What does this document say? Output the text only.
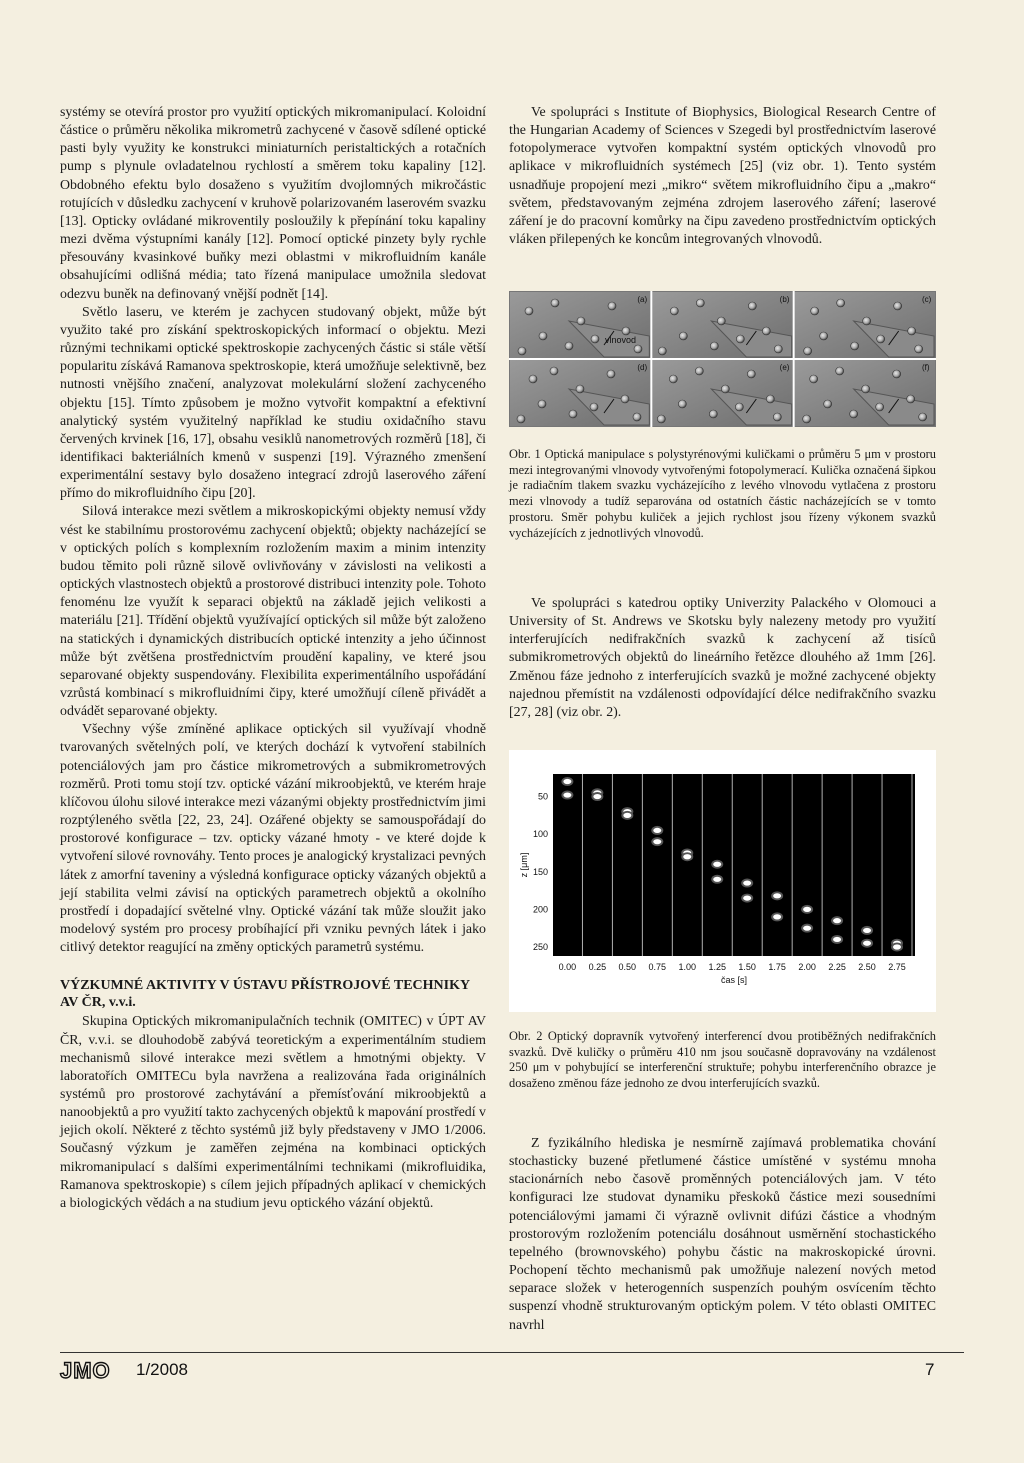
systémy se otevírá prostor pro využití optických mikromanipulací. Koloidní částice o průměru několika mikrometrů zachycené v časově sdílené optické pasti byly využity ke konstrukci miniaturních peristaltických a rotačních pump s plynule ovladatelnou rychlostí a směrem toku kapaliny [12]. Obdobného efektu bylo dosaženo s využitím dvojlomných mikročástic rotujících v důsledku zachycení v kruhově polarizovaném laserovém svazku [13]. Opticky ovládané mikroventily posloužily k přepínání toku kapaliny mezi dvěma výstupními kanály [12]. Pomocí optické pinzety byly rychle přesouvány kvasinkové buňky mezi oblastmi v mikrofluidním kanále obsahujícími odlišná média; tato řízená manipulace umožnila sledovat odezvu buněk na definovaný vnější podnět [14].

Světlo laseru, ve kterém je zachycen studovaný objekt, může být využito také pro získání spektroskopických informací o objektu. Mezi různými technikami optické spektroskopie zachycených částic si stále větší popularitu získává Ramanova spektroskopie, která umožňuje selektivně, bez nutnosti vnějšího značení, analyzovat molekulární složení zachyceného objektu [15]. Tímto způsobem je možno vytvořit kompaktní a efektivní analytický systém využitelný například ke studiu oxidačního stavu červených krvinek [16, 17], obsahu vesiklů nanometrových rozměrů [18], či identifikaci bakteriálních kmenů v suspenzi [19]. Výrazného zmenšení experimentální sestavy bylo dosaženo integrací zdrojů laserového záření přímo do mikrofluidního čipu [20].

Silová interakce mezi světlem a mikroskopickými objekty nemusí vždy vést ke stabilnímu prostorovému zachycení objektů; objekty nacházející se v optických polích s komplexním rozložením maxim a minim intenzity budou těmito poli různě silově ovlivňovány v závislosti na velikosti a optických vlastnostech objektů a prostorové distribuci intenzity pole. Tohoto fenoménu lze využít k separaci objektů na základě jejich velikosti a materiálu [21]. Třídění objektů využívající optických sil může být založeno na statických i dynamických distribucích optické intenzity a jeho účinnost může být zvětšena prostřednictvím proudění kapaliny, ve které jsou separované objekty suspendovány. Flexibilita experimentálního uspořádání vzrůstá kombinací s mikrofluidními čipy, které umožňují cíleně přivádět a odvádět separované objekty.

Všechny výše zmíněné aplikace optických sil využívají vhodně tvarovaných světelných polí, ve kterých dochází k vytvoření stabilních potenciálových jam pro částice mikrometrových a submikrometrových rozměrů. Proti tomu stojí tzv. optické vázání mikroobjektů, ve kterém hraje klíčovou úlohu silové interakce mezi vázanými objekty prostřednictvím jimi rozptýleného světla [22, 23, 24]. Ozářené objekty se samouspořádají do prostorové konfigurace – tzv. opticky vázané hmoty - ve které dojde k vytvoření silové rovnováhy. Tento proces je analogický krystalizaci pevných látek z amorfní taveniny a výsledná konfigurace opticky vázaných objektů a její stabilita velmi závisí na optických parametrech objektů a okolního prostředí i dopadající světelné vlny. Optické vázání tak může sloužit jako modelový systém pro procesy probíhající při vzniku pevných látek i jako citlivý detektor reagující na změny optických parametrů systému.

VÝZKUMNÉ AKTIVITY V ÚSTAVU PŘÍSTROJOVÉ TECHNIKY AV ČR, v.v.i.

Skupina Optických mikromanipulačních technik (OMITEC) v ÚPT AV ČR, v.v.i. se dlouhodobě zabývá teoretickým a experimentálním studiem mechanismů silové interakce mezi světlem a hmotnými objekty. V laboratořích OMITECu byla navržena a realizována řada originálních systémů pro prostorové zachytávání a přemísťování mikroobjektů a nanoobjektů a pro využití takto zachycených objektů k mapování prostředí v jejich okolí. Některé z těchto systémů již byly představeny v JMO 1/2006. Současný výzkum je zaměřen zejména na kombinaci optických mikromanipulací s dalšími experimentálními technikami (mikrofluidika, Ramanova spektroskopie) s cílem jejich případných aplikací v chemických a biologických vědách a na studium jevu optického vázání objektů.

Ve spolupráci s Institute of Biophysics, Biological Research Centre of the Hungarian Academy of Sciences v Szegedi byl prostřednictvím laserové fotopolymerace vytvořen kompaktní systém optických vlnovodů pro aplikace v mikrofluidních systémech [25] (viz obr. 1). Tento systém usnadňuje propojení mezi „mikro“ světem mikrofluidního čipu a „makro“ světem, představovaným zejména zdrojem laserového záření; laserové záření je do pracovní komůrky na čipu zavedeno prostřednictvím optických vláken přilepených ke koncům integrovaných vlnovodů.

(a)	(b)	(c)
(d)	(e)	(f)
vlnovod
Obr. 1 Optická manipulace s polystyrénovými kuličkami o průměru 5 μm v prostoru mezi integrovanými vlnovody vytvořenými fotopolymerací. Kulička označená šipkou je radiačním tlakem svazku vycházejícího z levého vlnovodu vytlačena z prostoru mezi vlnovody a tudíž separována od ostatních částic nacházejících se v tomto prostoru. Směr pohybu kuliček a jejich rychlost jsou řízeny výkonem svazků vycházejících z jednotlivých vlnovodů.

Ve spolupráci s katedrou optiky Univerzity Palackého v Olomouci a University of St. Andrews ve Skotsku byly nalezeny metody pro využití interferujících nedifrakčních svazků k zachycení až tisíců submikrometrových objektů do lineárního řetězce dlouhého až 1mm [26]. Změnou fáze jednoho z interferujících svazků je možné zachycené objekty najednou přemístit na vzdálenosti odpovídající délce nedifrakčního svazku [27, 28] (viz obr. 2).

0.00 0.25 0.50 0.75 1.00 1.25 1.50 1.75 2.00 2.25 2.50 2.75
50
100
150
200
250
čas [s]
z [μm]
Obr. 2 Optický dopravník vytvořený interferencí dvou protiběžných nedifrakčních svazků. Dvě kuličky o průměru 410 nm jsou současně dopravovány na vzdálenost 250 μm v pohybující se interferenční struktuře; pohybu interferenčního obrazce je dosaženo změnou fáze jednoho ze dvou interferujících svazků.

Z fyzikálního hlediska je nesmírně zajímavá problematika chování stochasticky buzené přetlumené částice umístěné v systému mnoha stacionárních nebo časově proměnných potenciálových jam. V této konfiguraci lze studovat dynamiku přeskoků částice mezi sousedními potenciálovými jamami či výrazně ovlivnit difúzi částice a vhodným prostorovým rozložením potenciálu dosáhnout usměrnění stochastického tepelného (brownovského) pohybu částic na makroskopické úrovni. Pochopení těchto mechanismů pak umožňuje nalezení nových metod separace složek v heterogenních suspenzích pouhým osvícením těchto suspenzí vhodně strukturovaným optickým polem. V této oblasti OMITEC navrhl

JMO 1/2008	7
